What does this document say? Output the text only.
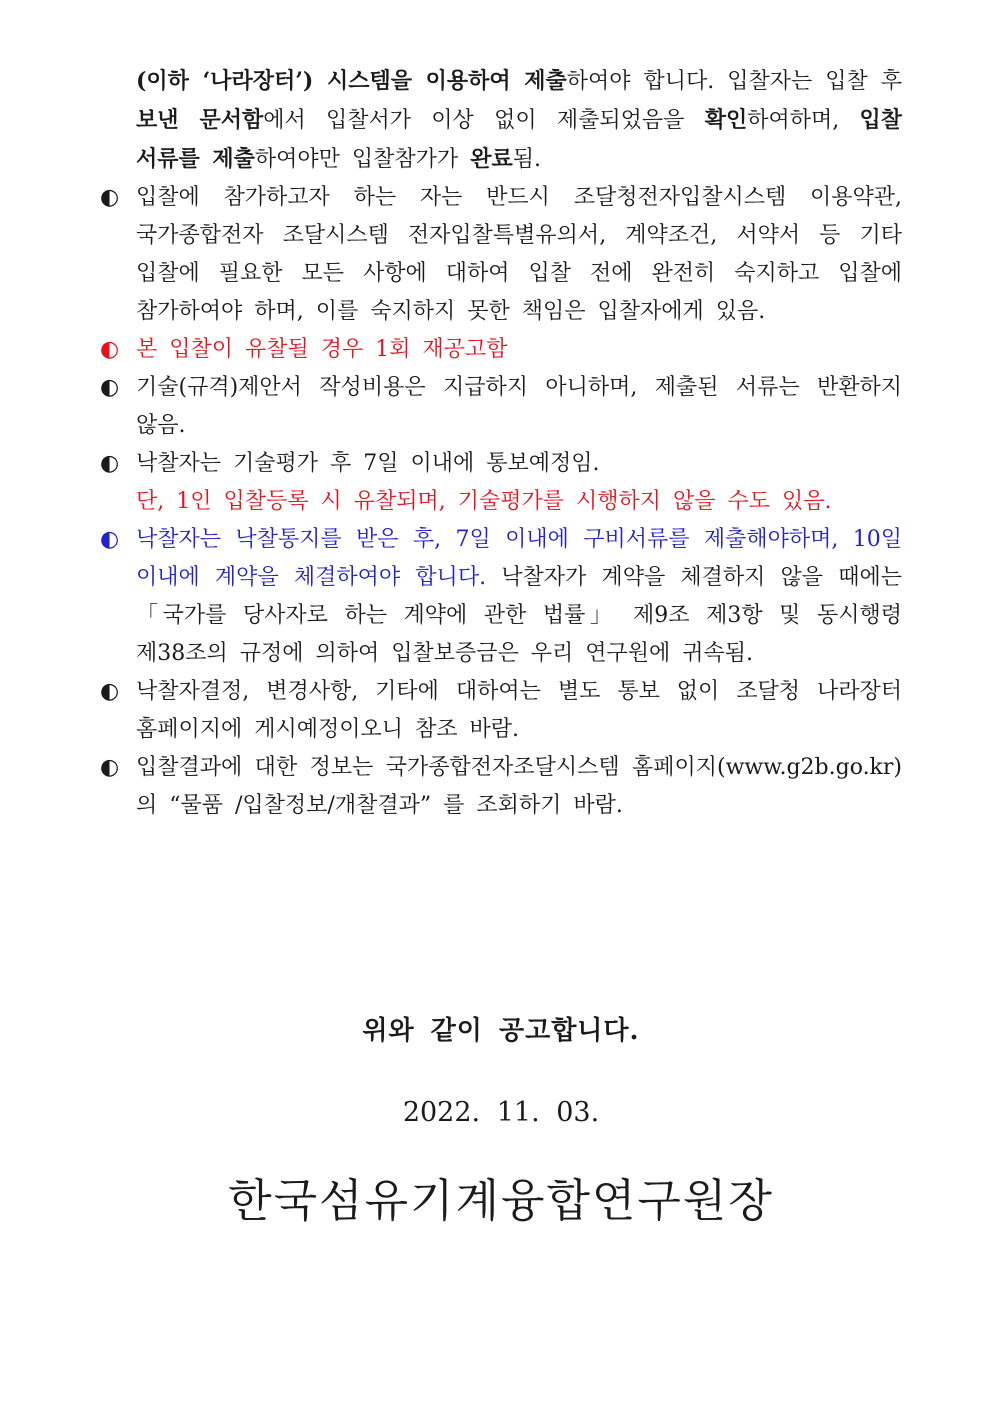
(이하 ‘나라장터’) 시스템을 이용하여 제출하여야 합니다. 입찰자는 입찰 후 보낸 문서함에서 입찰서가 이상 없이 제출되었음을 확인하여하며, 입찰 서류를 제출하여야만 입찰참가가 완료됨.
◐ 입찰에 참가하고자 하는 자는 반드시 조달청전자입찰시스템 이용약관, 국가종합전자 조달시스템 전자입찰특별유의서, 계약조건, 서약서 등 기타 입찰에 필요한 모든 사항에 대하여 입찰 전에 완전히 숙지하고 입찰에 참가하여야 하며, 이를 숙지하지 못한 책임은 입찰자에게 있음.
◐ 본 입찰이 유찰될 경우 1회 재공고함
◐ 기술(규격)제안서 작성비용은 지급하지 아니하며, 제출된 서류는 반환하지 않음.
◐ 낙찰자는 기술평가 후 7일 이내에 통보예정임.
단, 1인 입찰등록 시 유찰되며, 기술평가를 시행하지 않을 수도 있음.
◐ 낙찰자는 낙찰통지를 받은 후, 7일 이내에 구비서류를 제출해야하며, 10일 이내에 계약을 체결하여야 합니다. 낙찰자가 계약을 체결하지 않을 때에는 「국가를 당사자로 하는 계약에 관한 법률」 제9조 제3항 및 동시행령 제38조의 규정에 의하여 입찰보증금은 우리 연구원에 귀속됨.
◐ 낙찰자결정, 변경사항, 기타에 대하여는 별도 통보 없이 조달청 나라장터 홈페이지에 게시예정이오니 참조 바람.
◐ 입찰결과에 대한 정보는 국가종합전자조달시스템 홈페이지(www.g2b.go.kr)의 “물품 /입찰정보/개찰결과” 를 조회하기 바람.
위와 같이 공고합니다.
2022. 11. 03.
한국섬유기계융합연구원장
